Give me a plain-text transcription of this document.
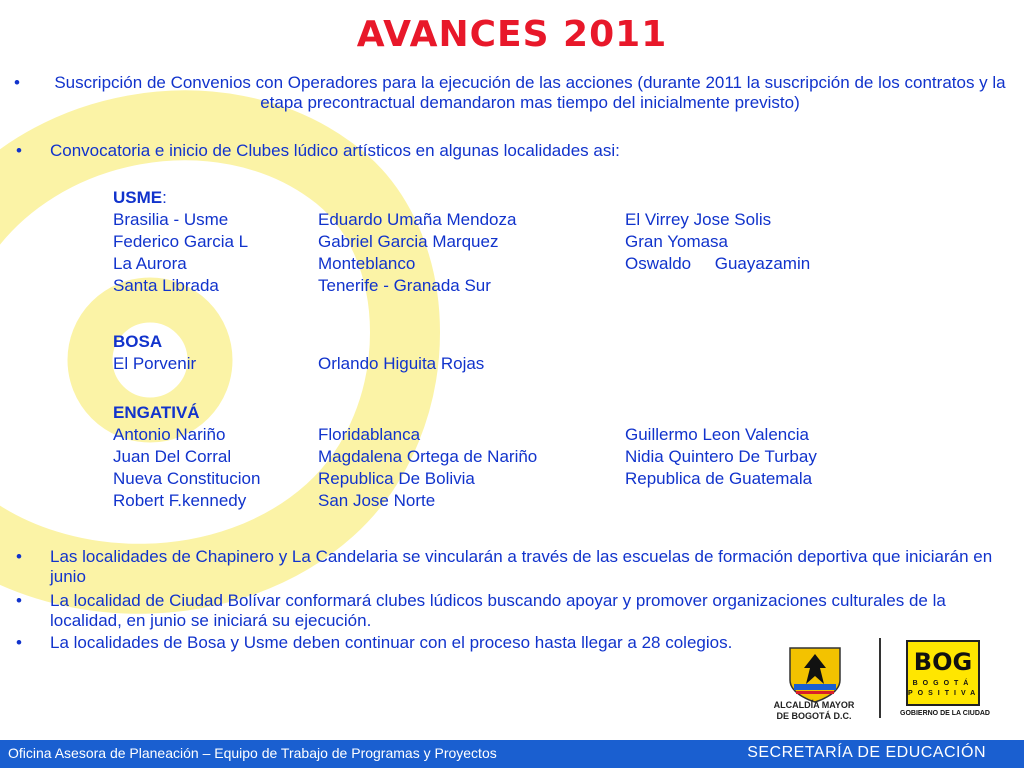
AVANCES 2011
• Suscripción de Convenios con Operadores para la ejecución de las acciones (durante 2011 la suscripción de los contratos y la etapa precontractual demandaron mas tiempo del inicialmente previsto)
• Convocatoria e inicio de Clubes lúdico artísticos en algunas localidades asi:
USME:
Brasilia - Usme	Eduardo Umaña Mendoza	El Virrey Jose Solis
Federico Garcia L	Gabriel Garcia Marquez	Gran Yomasa
La Aurora	Monteblanco	Oswaldo     Guayazamin
Santa Librada	Tenerife - Granada Sur
BOSA
El Porvenir	Orlando Higuita Rojas
ENGATIVÁ
Antonio Nariño	Floridablanca	Guillermo Leon Valencia
Juan Del Corral	Magdalena Ortega de Nariño	Nidia Quintero De Turbay
Nueva Constitucion	Republica De Bolivia	Republica de Guatemala
Robert F.kennedy	San Jose Norte
• Las localidades de Chapinero y La Candelaria se vincularán a través de las escuelas de formación deportiva que iniciarán en junio
• La localidad de Ciudad Bolívar conformará clubes lúdicos buscando apoyar y promover organizaciones culturales de la localidad, en junio se iniciará su ejecución.
• La localidades de Bosa y Usme deben continuar con el proceso hasta llegar a 28 colegios.
ALCALDÍA MAYOR
DE BOGOTÁ D.C.
BOG
BOGOTÁ
POSITIVA
GOBIERNO DE LA CIUDAD
Oficina Asesora de Planeación – Equipo de Trabajo de Programas y Proyectos	SECRETARÍA DE EDUCACIÓN
